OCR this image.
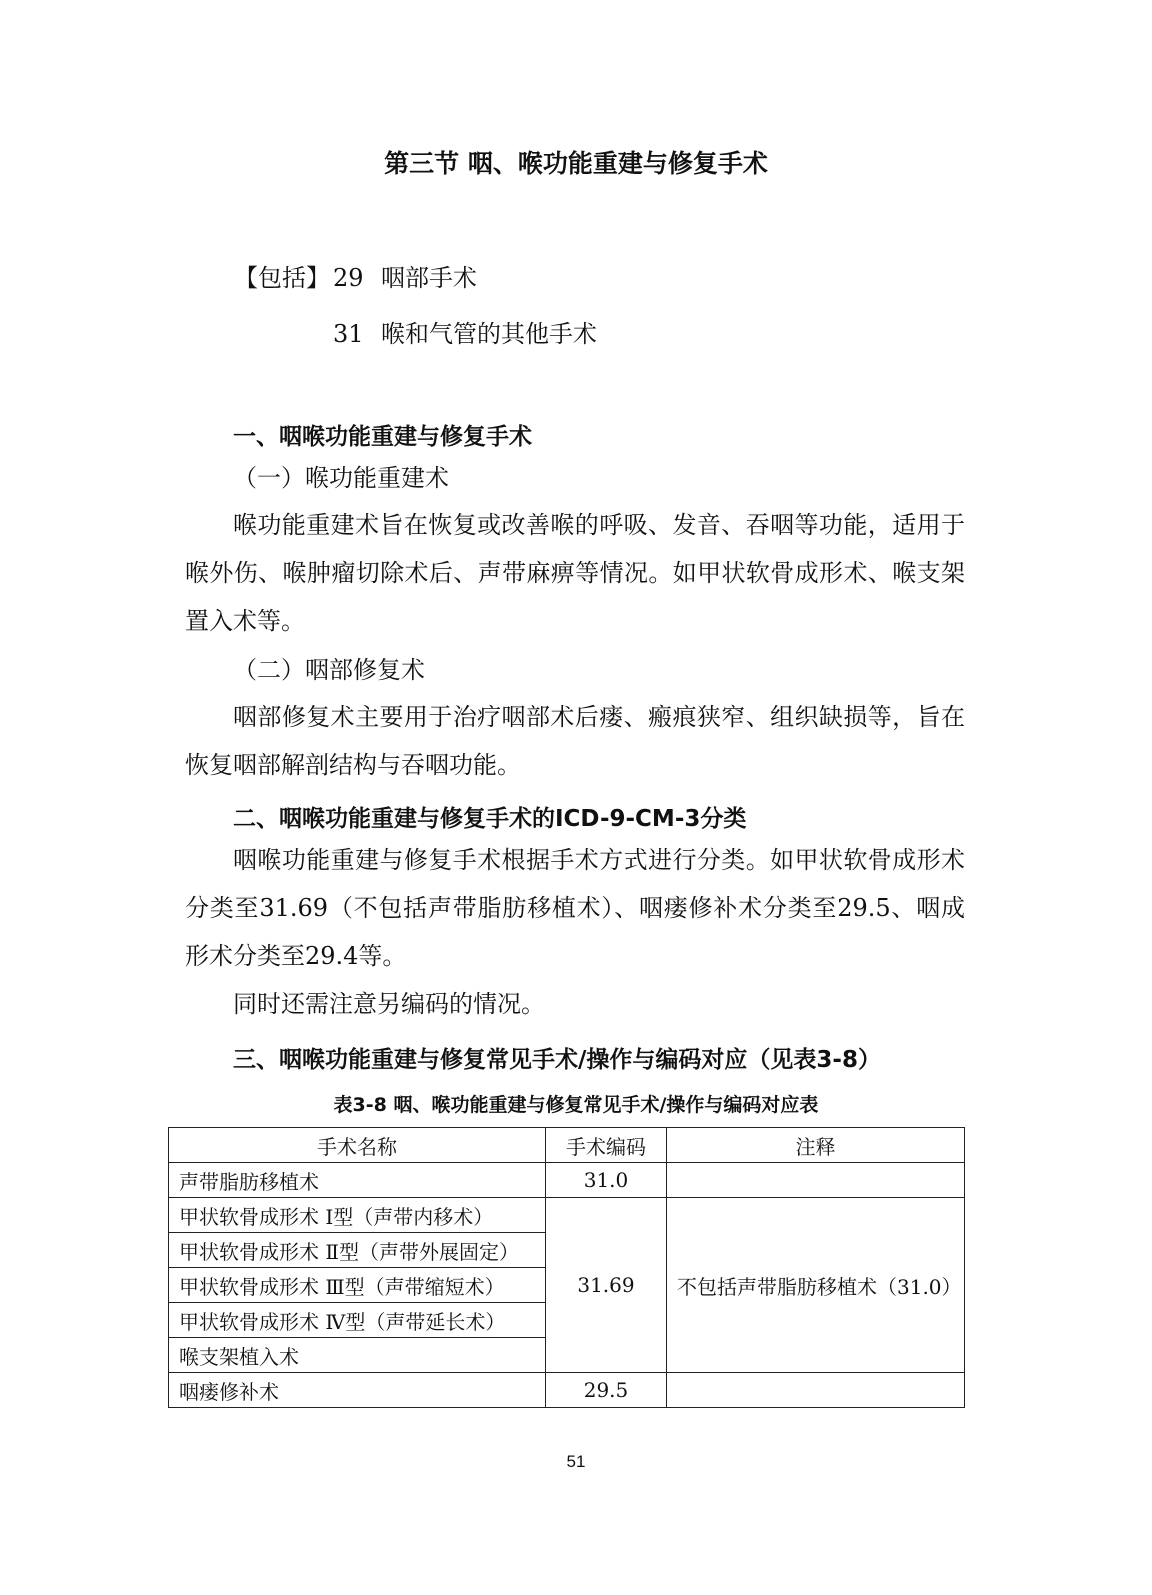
第三节 咽、喉功能重建与修复手术
【包括】 29 咽部手术
31 喉和气管的其他手术
一、咽喉功能重建与修复手术
（一）喉功能重建术
喉功能重建术旨在恢复或改善喉的呼吸、发音、吞咽等功能，适用于喉外伤、喉肿瘤切除术后、声带麻痹等情况。如甲状软骨成形术、喉支架置入术等。
（二）咽部修复术
咽部修复术主要用于治疗咽部术后瘘、瘢痕狭窄、组织缺损等，旨在恢复咽部解剖结构与吞咽功能。
二、咽喉功能重建与修复手术的ICD-9-CM-3分类
咽喉功能重建与修复手术根据手术方式进行分类。如甲状软骨成形术分类至31.69（不包括声带脂肪移植术）、咽瘘修补术分类至29.5、咽成形术分类至29.4等。
同时还需注意另编码的情况。
三、咽喉功能重建与修复常见手术/操作与编码对应（见表3-8）
表3-8 咽、喉功能重建与修复常见手术/操作与编码对应表
手术名称	手术编码	注释
声带脂肪移植术	31.0	
甲状软骨成形术 Ⅰ型（声带内移术）	31.69	不包括声带脂肪移植术（31.0）
甲状软骨成形术 Ⅱ型（声带外展固定）		
甲状软骨成形术 Ⅲ型（声带缩短术）		
甲状软骨成形术 Ⅳ型（声带延长术）		
喉支架植入术		
咽瘘修补术	29.5	
51
